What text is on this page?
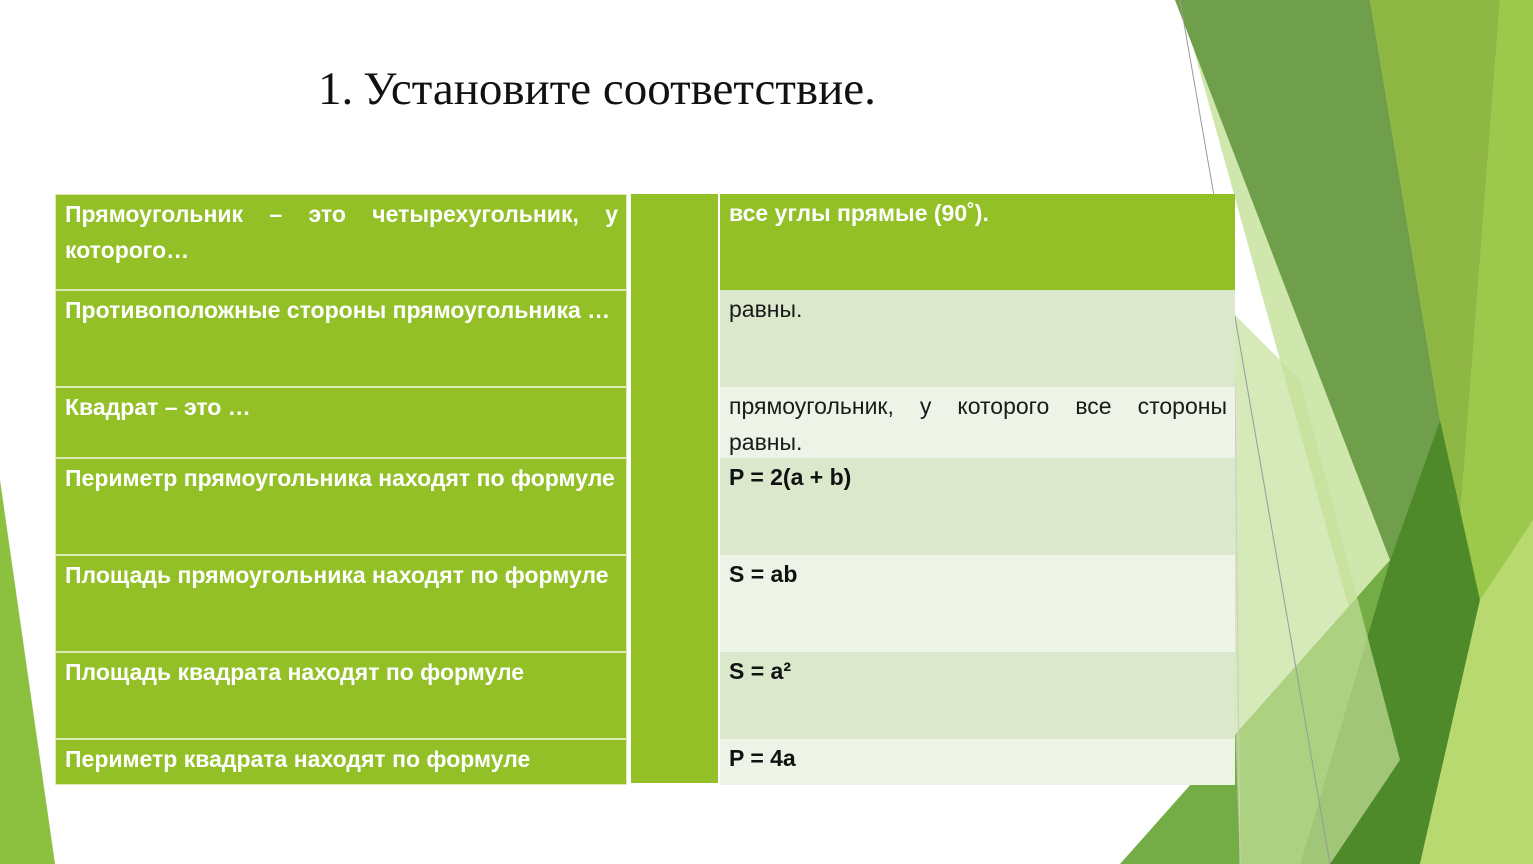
1. Установите соответствие.
Прямоугольник – это четырехугольник, у которого…
Противоположные стороны прямоугольника …
Квадрат – это …
Периметр прямоугольника находят по формуле
Площадь прямоугольника находят по формуле
Площадь квадрата находят по формуле
Периметр квадрата находят по формуле
все углы прямые (90˚).
равны.
прямоугольник, у которого все стороны равны.
P = 2(a + b)
S = ab
S = a²
P = 4a
